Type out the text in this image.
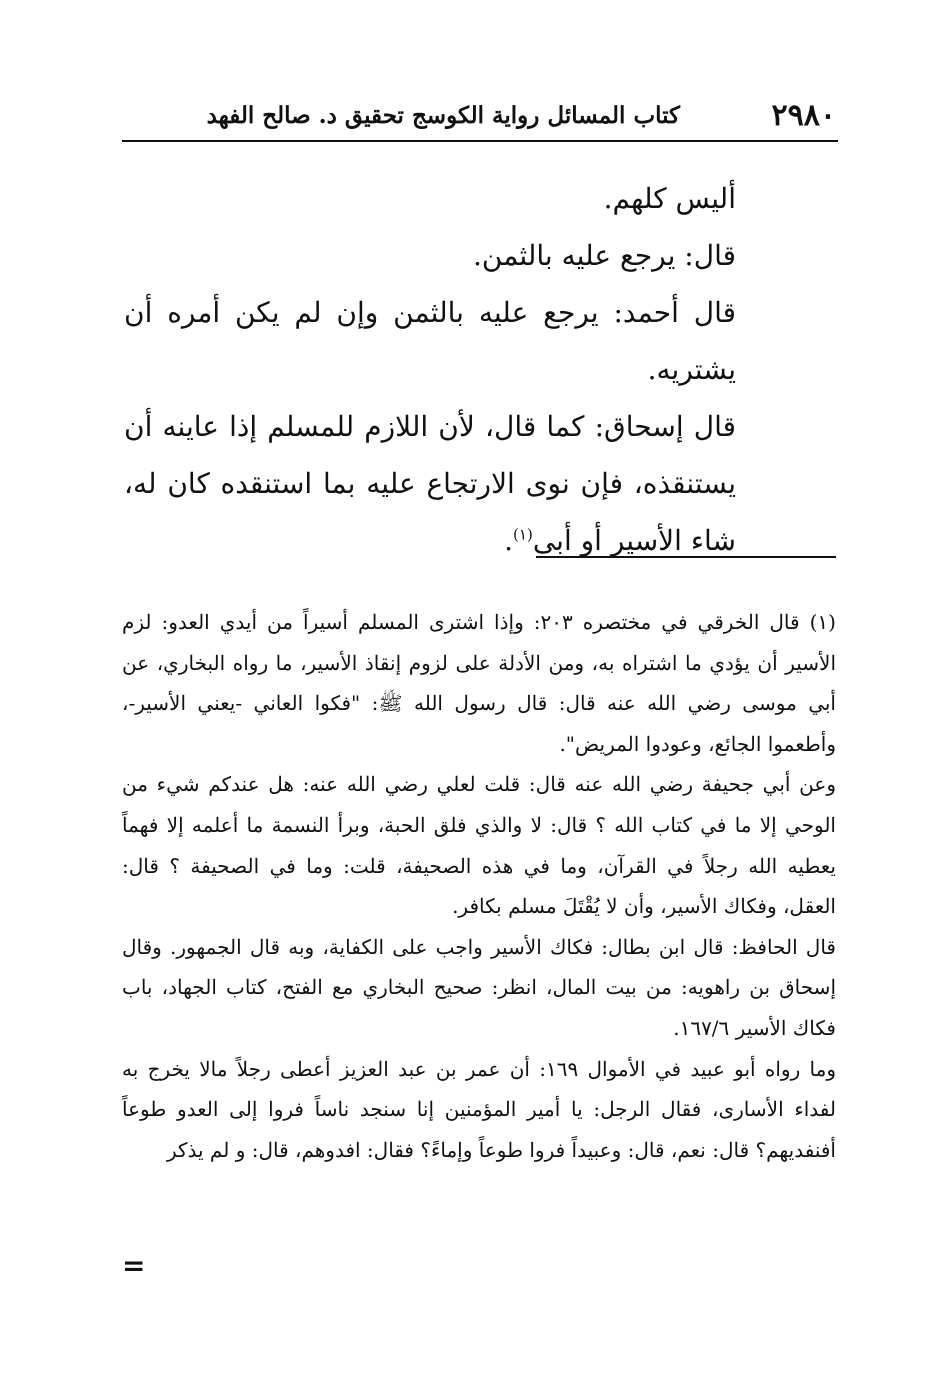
٢٩٨٠
كتاب المسائل رواية الكوسج تحقيق د. صالح الفهد

أليس كلهم.

قال: يرجع عليه بالثمن.

قال أحمد: يرجع عليه بالثمن وإن لم يكن أمره أن يشتريه.

قال إسحاق: كما قال، لأن اللازم للمسلم إذا عاينه أن يستنقذه، فإن نوى الارتجاع عليه بما استنقده كان له، شاء الأسير أو أبى$^{(١)}$.

(١) قال الخرقي في مختصره ٢٠٣: وإذا اشترى المسلم أسيراً من أيدي العدو: لزم الأسير أن يؤدي ما اشتراه به، ومن الأدلة على لزوم إنقاذ الأسير، ما رواه البخاري، عن أبي موسى رضي الله عنه قال: قال رسول الله ﷺ: "فكوا العاني -يعني الأسير-، وأطعموا الجائع، وعودوا المريض".

وعن أبي جحيفة رضي الله عنه قال: قلت لعلي رضي الله عنه: هل عندكم شيء من الوحي إلا ما في كتاب الله ؟ قال: لا والذي فلق الحبة، وبرأ النسمة ما أعلمه إلا فهماً يعطيه الله رجلاً في القرآن، وما في هذه الصحيفة، قلت: وما في الصحيفة ؟ قال: العقل، وفكاك الأسير، وأن لا يُقْتَلَ مسلم بكافر.

قال الحافظ: قال ابن بطال: فكاك الأسير واجب على الكفاية، وبه قال الجمهور. وقال إسحاق بن راهويه: من بيت المال، انظر: صحيح البخاري مع الفتح، كتاب الجهاد، باب فكاك الأسير ١٦٧/٦.

وما رواه أبو عبيد في الأموال ١٦٩: أن عمر بن عبد العزيز أعطى رجلاً مالا يخرج به لفداء الأسارى، فقال الرجل: يا أمير المؤمنين إنا سنجد ناساً فروا إلى العدو طوعاً أفنفديهم؟ قال: نعم، قال: وعبيداً فروا طوعاً وإماءً؟ فقال: افدوهم، قال: و لم يذكر

=
